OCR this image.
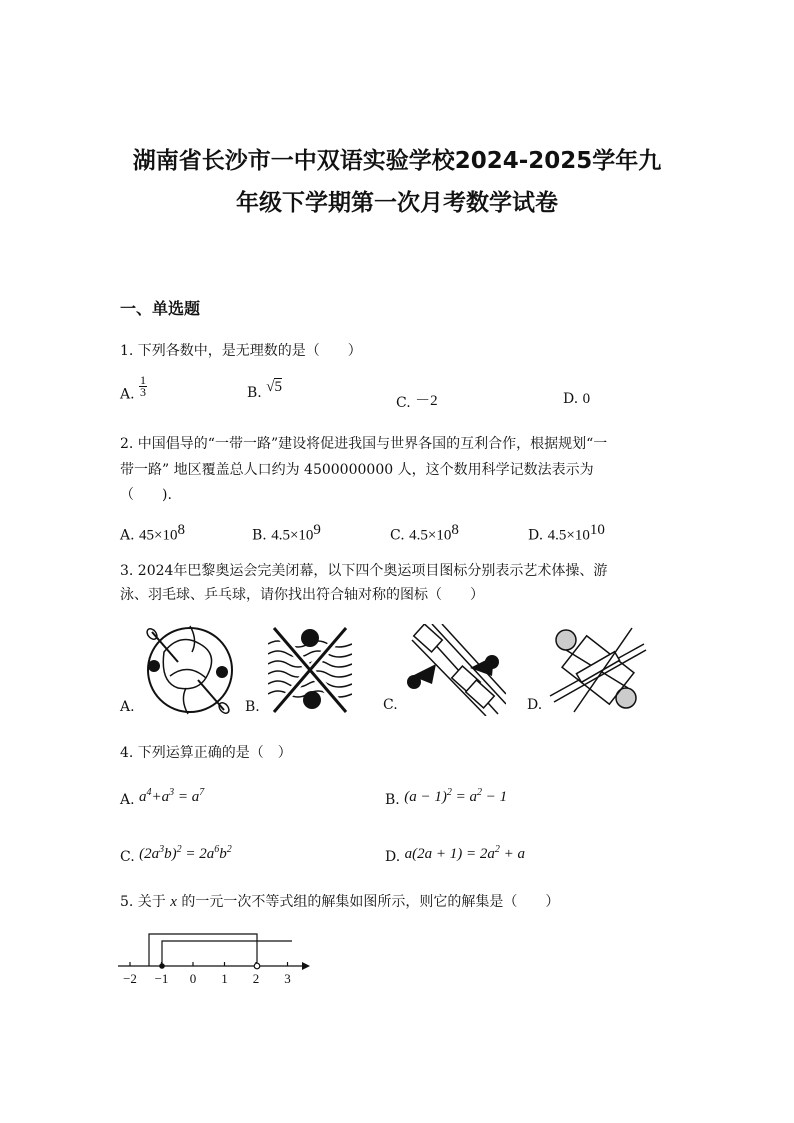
湖南省长沙市一中双语实验学校2024-2025学年九
年级下学期第一次月考数学试卷
一、单选题
1. 下列各数中，是无理数的是（　　）
A. $\frac{1}{3}$	B. √5
C. －2	D. 0
2. 中国倡导的“一带一路”建设将促进我国与世界各国的互利合作，根据规划“一
带一路” 地区覆盖总人口约为 4500000000 人，这个数用科学记数法表示为
（　　).
A. $45\times 10^8$	B. $4.5\times 10^9$	C. $4.5\times 10^8$	D. $4.5\times 10^{10}$
3. 2024年巴黎奥运会完美闭幕，以下四个奥运项目图标分别表示艺术体操、游
泳、羽毛球、乒乓球，请你找出符合轴对称的图标（　　）
A.	B.	C.	D.
4. 下列运算正确的是（　）
A. $a^4+a^3 = a^7$	B. $(a - 1)^2 = a^2 - 1$
C. $(2a^3b)^2 = 2a^6b^2$	D. $a(2a + 1) = 2a^2 + a$
5. 关于 x 的一元一次不等式组的解集如图所示，则它的解集是（　　）
−2 −1 0 1 2 3
